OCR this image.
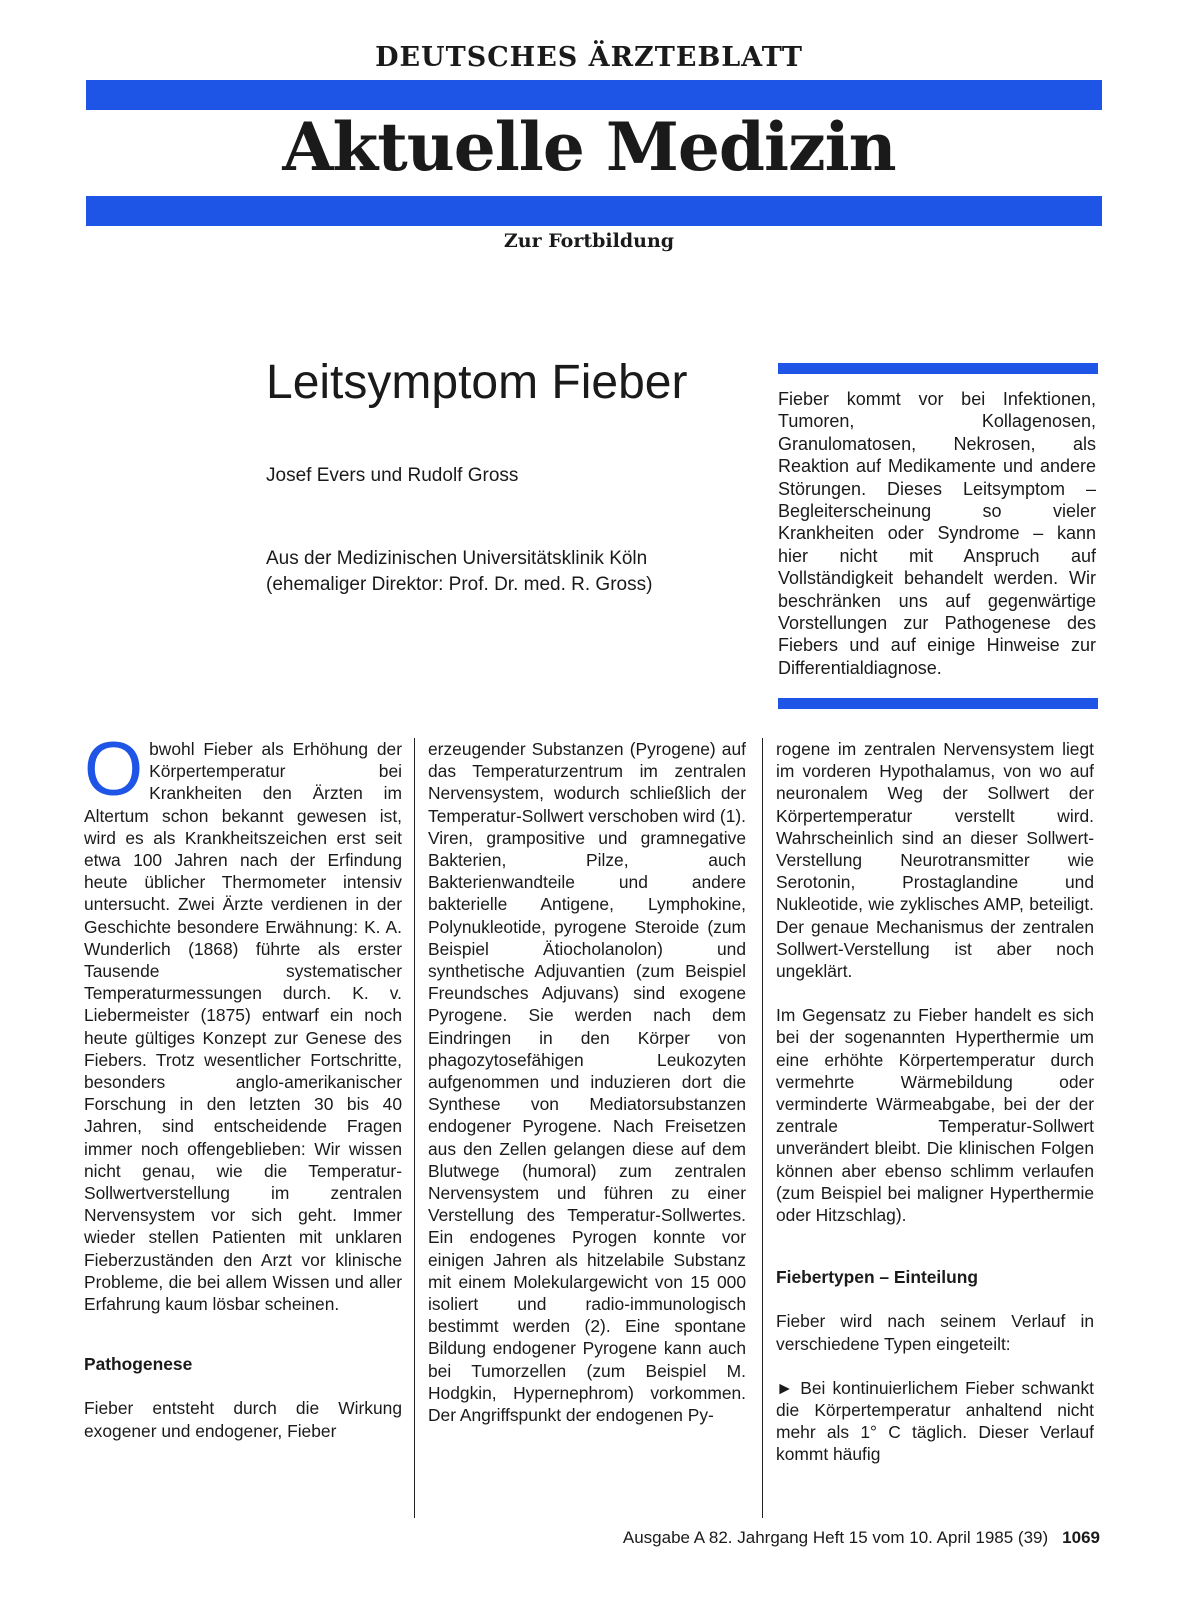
DEUTSCHES ÄRZTEBLATT
Aktuelle Medizin
Zur Fortbildung
Leitsymptom Fieber
Josef Evers und Rudolf Gross
Aus der Medizinischen Universitätsklinik Köln
(ehemaliger Direktor: Prof. Dr. med. R. Gross)
Fieber kommt vor bei Infektionen, Tumoren, Kollagenosen, Granulomatosen, Nekrosen, als Reaktion auf Medikamente und andere Störungen. Dieses Leitsymptom – Begleiterscheinung so vieler Krankheiten oder Syndrome – kann hier nicht mit Anspruch auf Vollständigkeit behandelt werden. Wir beschränken uns auf gegenwärtige Vorstellungen zur Pathogenese des Fiebers und auf einige Hinweise zur Differentialdiagnose.

Obwohl Fieber als Erhöhung der Körpertemperatur bei Krankheiten den Ärzten im Altertum schon bekannt gewesen ist, wird es als Krankheitszeichen erst seit etwa 100 Jahren nach der Erfindung heute üblicher Thermometer intensiv untersucht. Zwei Ärzte verdienen in der Geschichte besondere Erwähnung: K. A. Wunderlich (1868) führte als erster Tausende systematischer Temperaturmessungen durch. K. v. Liebermeister (1875) entwarf ein noch heute gültiges Konzept zur Genese des Fiebers. Trotz wesentlicher Fortschritte, besonders anglo-amerikanischer Forschung in den letzten 30 bis 40 Jahren, sind entscheidende Fragen immer noch offengeblieben: Wir wissen nicht genau, wie die Temperatur-Sollwertverstellung im zentralen Nervensystem vor sich geht. Immer wieder stellen Patienten mit unklaren Fieberzuständen den Arzt vor klinische Probleme, die bei allem Wissen und aller Erfahrung kaum lösbar scheinen.

Pathogenese

Fieber entsteht durch die Wirkung exogener und endogener, Fieber

erzeugender Substanzen (Pyrogene) auf das Temperaturzentrum im zentralen Nervensystem, wodurch schließlich der Temperatur-Sollwert verschoben wird (1). Viren, grampositive und gramnegative Bakterien, Pilze, auch Bakterienwandteile und andere bakterielle Antigene, Lymphokine, Polynukleotide, pyrogene Steroide (zum Beispiel Ätiocholanolon) und synthetische Adjuvantien (zum Beispiel Freundsches Adjuvans) sind exogene Pyrogene. Sie werden nach dem Eindringen in den Körper von phagozytosefähigen Leukozyten aufgenommen und induzieren dort die Synthese von Mediatorsubstanzen endogener Pyrogene. Nach Freisetzen aus den Zellen gelangen diese auf dem Blutwege (humoral) zum zentralen Nervensystem und führen zu einer Verstellung des Temperatur-Sollwertes. Ein endogenes Pyrogen konnte vor einigen Jahren als hitzelabile Substanz mit einem Molekulargewicht von 15 000 isoliert und radio-immunologisch bestimmt werden (2). Eine spontane Bildung endogener Pyrogene kann auch bei Tumorzellen (zum Beispiel M. Hodgkin, Hypernephrom) vorkommen. Der Angriffspunkt der endogenen Py-

rogene im zentralen Nervensystem liegt im vorderen Hypothalamus, von wo auf neuronalem Weg der Sollwert der Körpertemperatur verstellt wird. Wahrscheinlich sind an dieser Sollwert-Verstellung Neurotransmitter wie Serotonin, Prostaglandine und Nukleotide, wie zyklisches AMP, beteiligt. Der genaue Mechanismus der zentralen Sollwert-Verstellung ist aber noch ungeklärt.

Im Gegensatz zu Fieber handelt es sich bei der sogenannten Hyperthermie um eine erhöhte Körpertemperatur durch vermehrte Wärmebildung oder verminderte Wärmeabgabe, bei der der zentrale Temperatur-Sollwert unverändert bleibt. Die klinischen Folgen können aber ebenso schlimm verlaufen (zum Beispiel bei maligner Hyperthermie oder Hitzschlag).

Fiebertypen – Einteilung

Fieber wird nach seinem Verlauf in verschiedene Typen eingeteilt:

► Bei kontinuierlichem Fieber schwankt die Körpertemperatur anhaltend nicht mehr als 1° C täglich. Dieser Verlauf kommt häufig

Ausgabe A 82. Jahrgang Heft 15 vom 10. April 1985 (39) 1069
